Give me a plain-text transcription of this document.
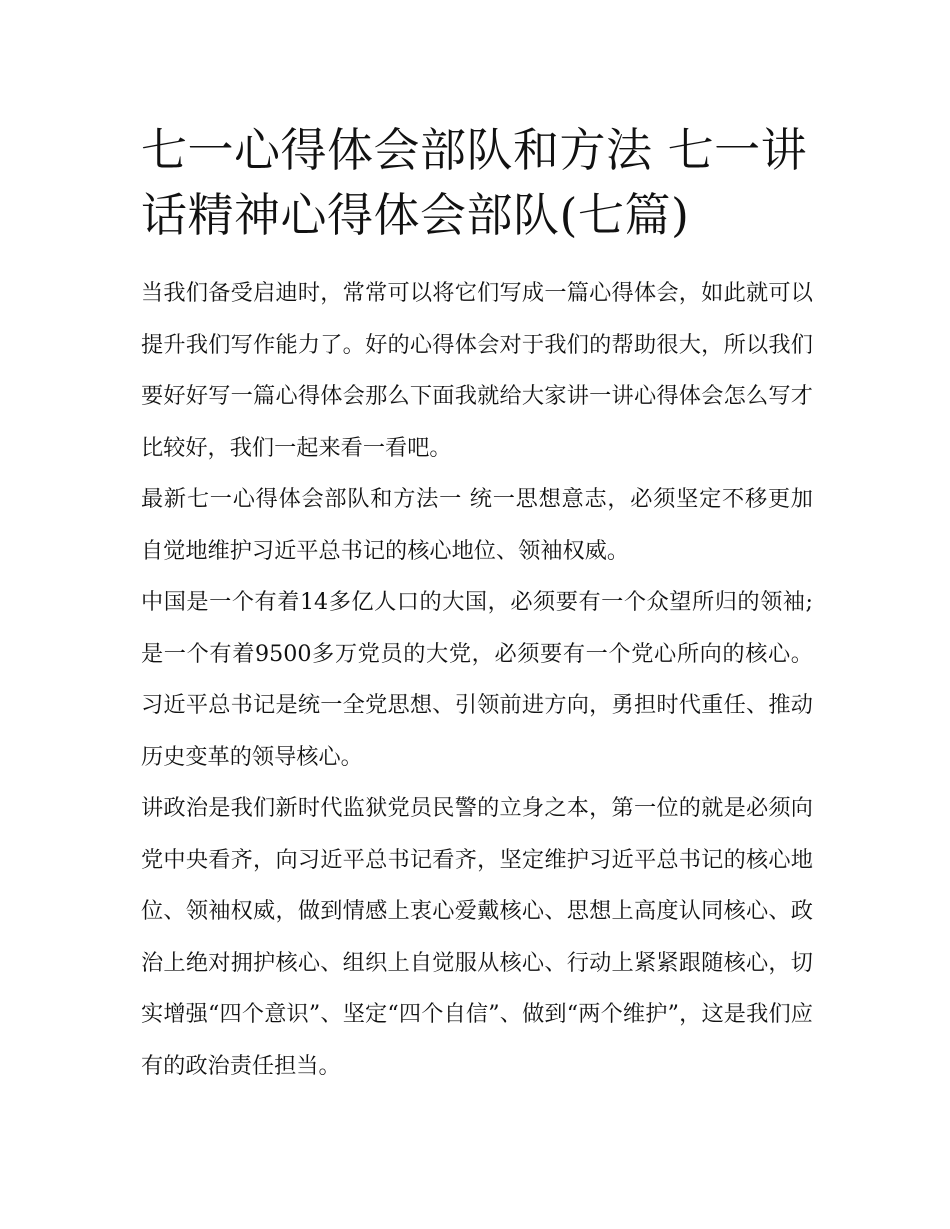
七一心得体会部队和方法 七一讲话精神心得体会部队(七篇)

当我们备受启迪时，常常可以将它们写成一篇心得体会，如此就可以提升我们写作能力了。好的心得体会对于我们的帮助很大，所以我们要好好写一篇心得体会那么下面我就给大家讲一讲心得体会怎么写才比较好，我们一起来看一看吧。

最新七一心得体会部队和方法一 统一思想意志，必须坚定不移更加自觉地维护习近平总书记的核心地位、领袖权威。

中国是一个有着14多亿人口的大国，必须要有一个众望所归的领袖;是一个有着9500多万党员的大党，必须要有一个党心所向的核心。习近平总书记是统一全党思想、引领前进方向，勇担时代重任、推动历史变革的领导核心。

讲政治是我们新时代监狱党员民警的立身之本，第一位的就是必须向党中央看齐，向习近平总书记看齐，坚定维护习近平总书记的核心地位、领袖权威，做到情感上衷心爱戴核心、思想上高度认同核心、政治上绝对拥护核心、组织上自觉服从核心、行动上紧紧跟随核心，切实增强“四个意识”、坚定“四个自信”、做到“两个维护”，这是我们应有的政治责任担当。
